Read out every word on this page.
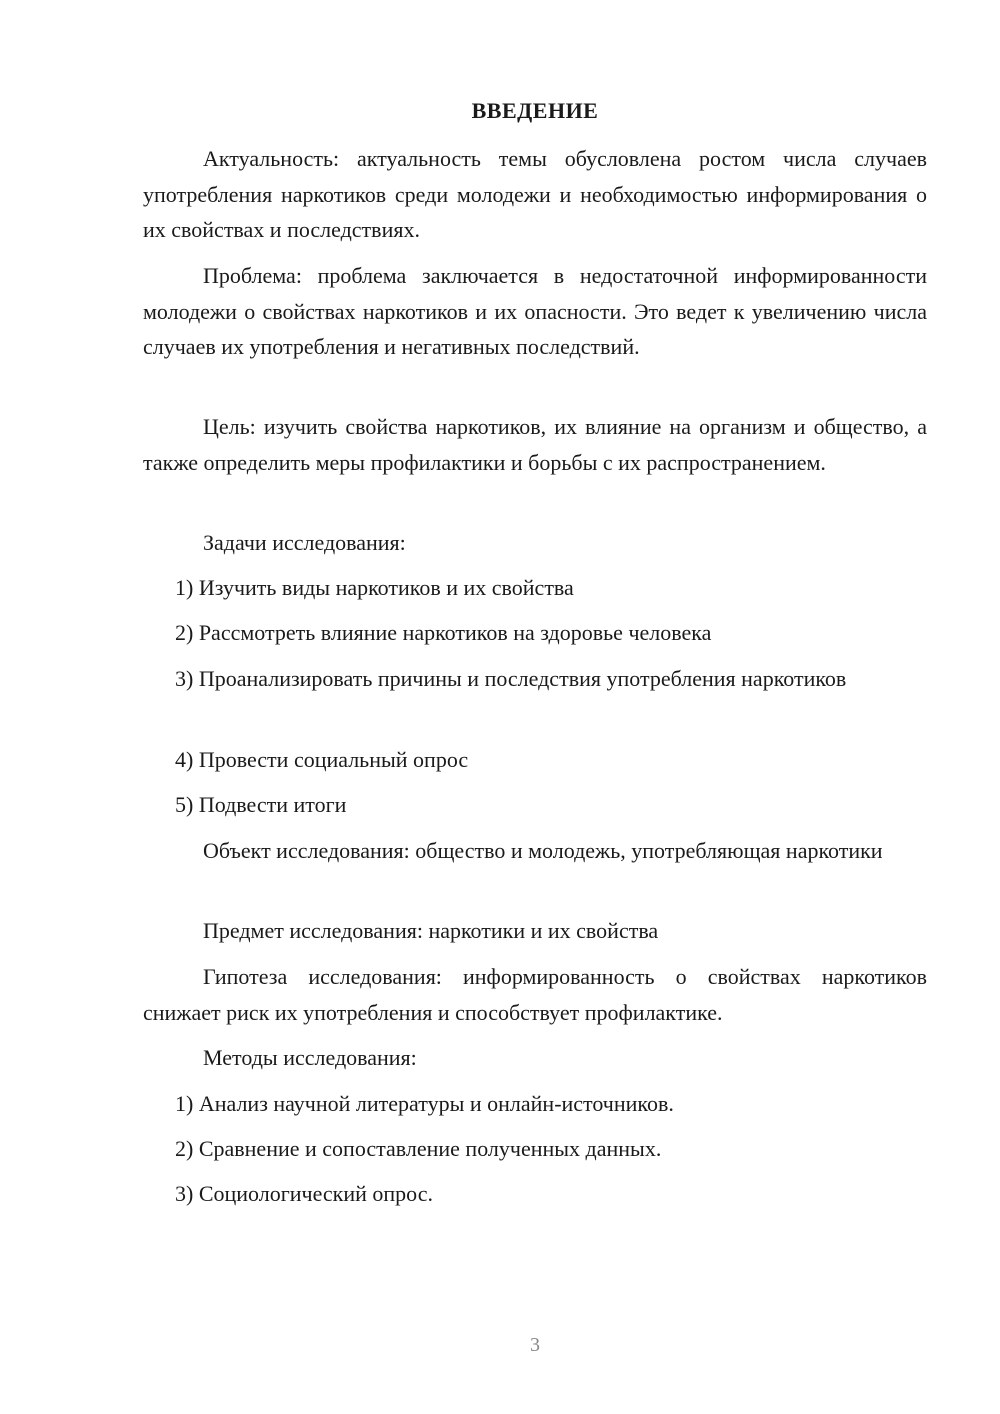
ВВЕДЕНИЕ

Актуальность: актуальность темы обусловлена ростом числа случаев употребления наркотиков среди молодежи и необходимостью информирования о их свойствах и последствиях.

Проблема: проблема заключается в недостаточной информированности молодежи о свойствах наркотиков и их опасности. Это ведет к увеличению числа случаев их употребления и негативных последствий.

Цель: изучить свойства наркотиков, их влияние на организм и общество, а также определить меры профилактики и борьбы с их распространением.

Задачи исследования:

1) Изучить виды наркотиков и их свойства

2) Рассмотреть влияние наркотиков на здоровье человека

3) Проанализировать причины и последствия употребления наркотиков

4) Провести социальный опрос

5) Подвести итоги

Объект исследования: общество и молодежь, употребляющая наркотики

Предмет исследования: наркотики и их свойства

Гипотеза исследования: информированность о свойствах наркотиков снижает риск их употребления и способствует профилактике.

Методы исследования:

1) Анализ научной литературы и онлайн-источников.

2) Сравнение и сопоставление полученных данных.

3) Социологический опрос.

3
